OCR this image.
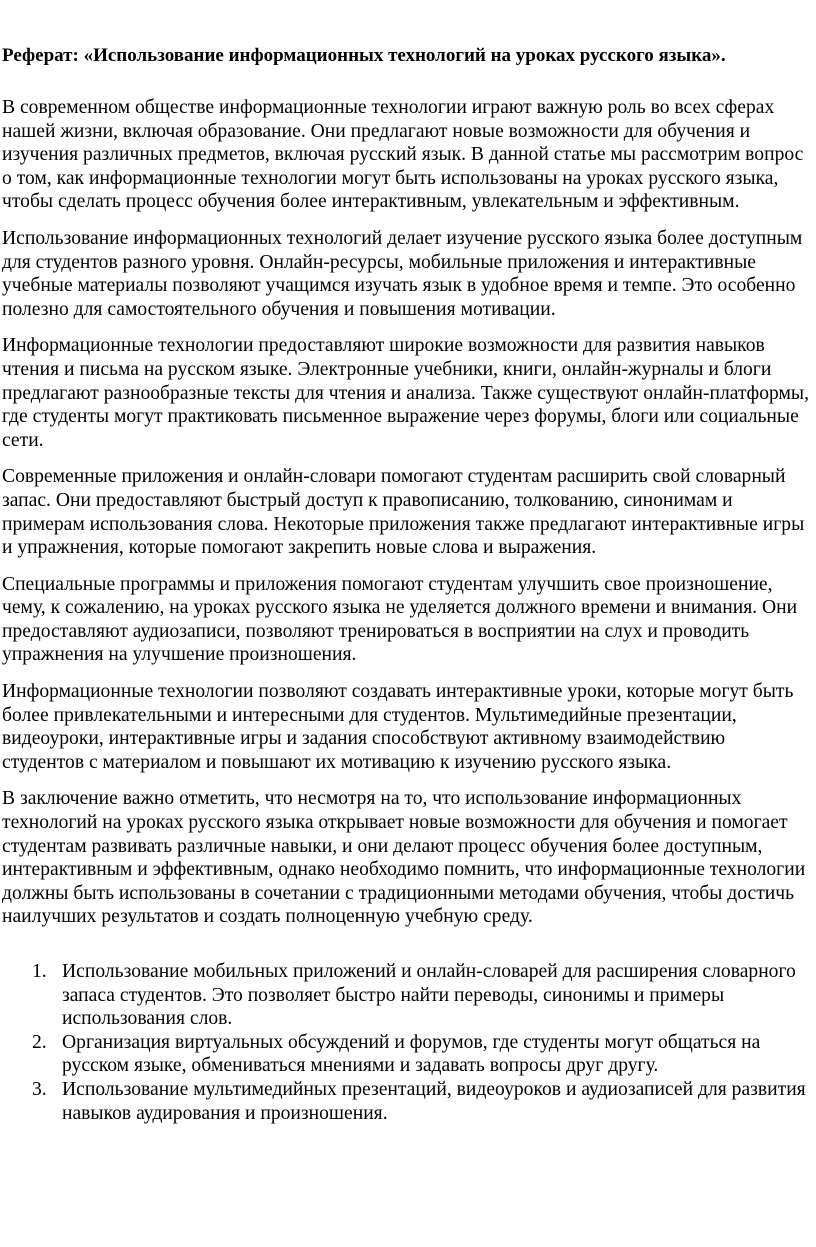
Реферат: «Использование информационных технологий на уроках русского языка».

В современном обществе информационные технологии играют важную роль во всех сферах нашей жизни, включая образование. Они предлагают новые возможности для обучения и изучения различных предметов, включая русский язык. В данной статье мы рассмотрим вопрос о том, как информационные технологии могут быть использованы на уроках русского языка, чтобы сделать процесс обучения более интерактивным, увлекательным и эффективным.

Использование информационных технологий делает изучение русского языка более доступным для студентов разного уровня. Онлайн-ресурсы, мобильные приложения и интерактивные учебные материалы позволяют учащимся изучать язык в удобное время и темпе. Это особенно полезно для самостоятельного обучения и повышения мотивации.

Информационные технологии предоставляют широкие возможности для развития навыков чтения и письма на русском языке. Электронные учебники, книги, онлайн-журналы и блоги предлагают разнообразные тексты для чтения и анализа. Также существуют онлайн-платформы, где студенты могут практиковать письменное выражение через форумы, блоги или социальные сети.

Современные приложения и онлайн-словари помогают студентам расширить свой словарный запас. Они предоставляют быстрый доступ к правописанию, толкованию, синонимам и примерам использования слова. Некоторые приложения также предлагают интерактивные игры и упражнения, которые помогают закрепить новые слова и выражения.

Специальные программы и приложения помогают студентам улучшить свое произношение, чему, к сожалению, на уроках русского языка не уделяется должного времени и внимания. Они предоставляют аудиозаписи, позволяют тренироваться в восприятии на слух и проводить упражнения на улучшение произношения.

Информационные технологии позволяют создавать интерактивные уроки, которые могут быть более привлекательными и интересными для студентов. Мультимедийные презентации, видеоуроки, интерактивные игры и задания способствуют активному взаимодействию студентов с материалом и повышают их мотивацию к изучению русского языка.

В заключение важно отметить, что несмотря на то, что использование информационных технологий на уроках русского языка открывает новые возможности для обучения и помогает студентам развивать различные навыки, и они делают процесс обучения более доступным, интерактивным и эффективным, однако необходимо помнить, что информационные технологии должны быть использованы в сочетании с традиционными методами обучения, чтобы достичь наилучших результатов и создать полноценную учебную среду.

1. Использование мобильных приложений и онлайн-словарей для расширения словарного запаса студентов. Это позволяет быстро найти переводы, синонимы и примеры использования слов.
2. Организация виртуальных обсуждений и форумов, где студенты могут общаться на русском языке, обмениваться мнениями и задавать вопросы друг другу.
3. Использование мультимедийных презентаций, видеоуроков и аудиозаписей для развития навыков аудирования и произношения.
